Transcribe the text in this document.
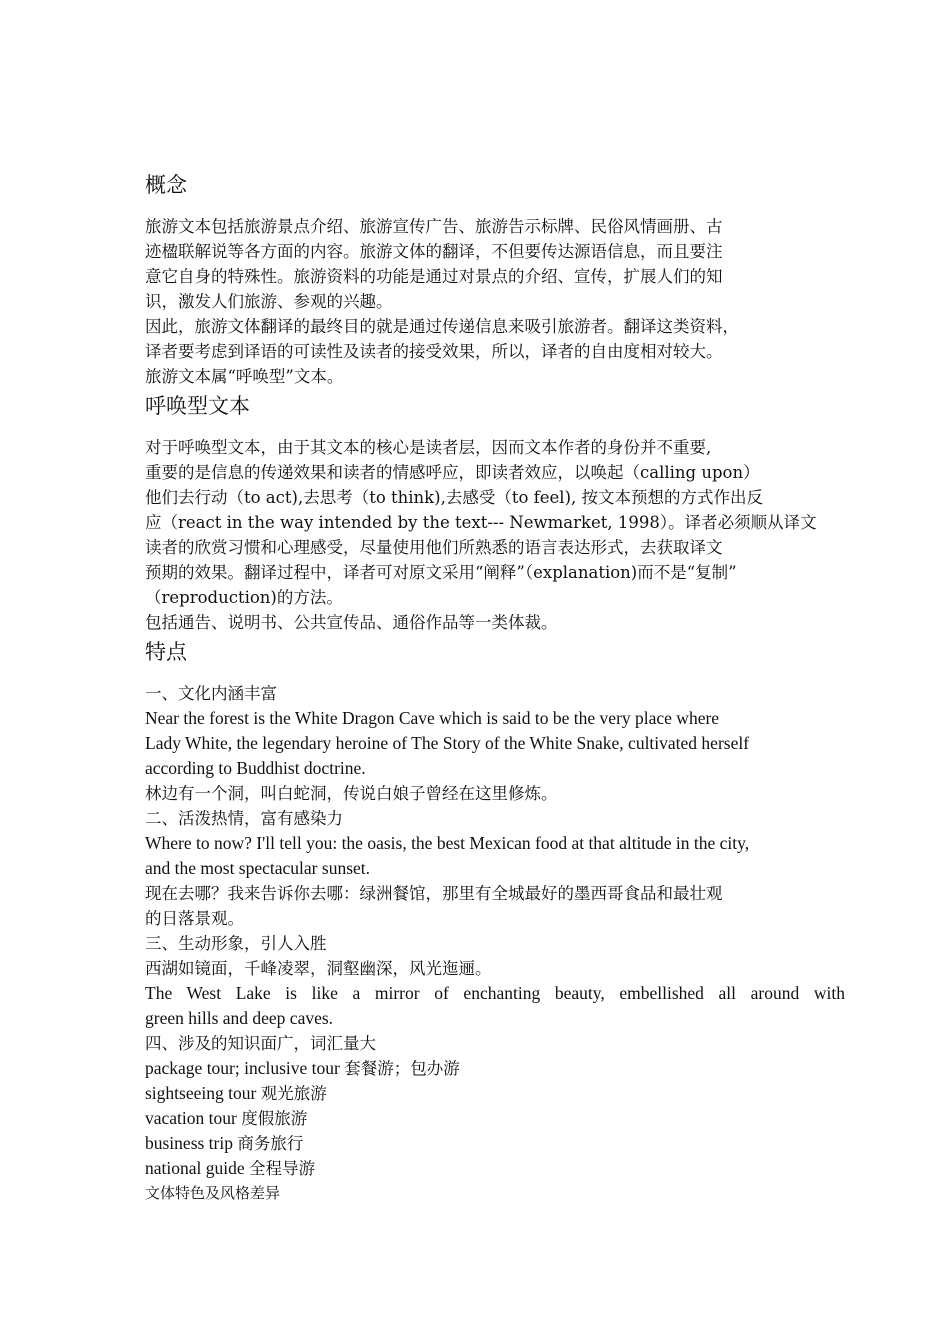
概念

旅游文本包括旅游景点介绍、旅游宣传广告、旅游告示标牌、民俗风情画册、古

迹楹联解说等各方面的内容。旅游文体的翻译，不但要传达源语信息，而且要注

意它自身的特殊性。旅游资料的功能是通过对景点的介绍、宣传，扩展人们的知

识，激发人们旅游、参观的兴趣。

因此，旅游文体翻译的最终目的就是通过传递信息来吸引旅游者。翻译这类资料，

译者要考虑到译语的可读性及读者的接受效果，所以，译者的自由度相对较大。

旅游文本属“呼唤型”文本。

呼唤型文本

对于呼唤型文本，由于其文本的核心是读者层，因而文本作者的身份并不重要,

重要的是信息的传递效果和读者的情感呼应，即读者效应，以唤起（calling upon）

他们去行动（to act),去思考（to think),去感受（to feel), 按文本预想的方式作出反

应（react in the way intended by the text--- Newmarket, 1998）。译者必须顺从译文

读者的欣赏习惯和心理感受，尽量使用他们所熟悉的语言表达形式，去获取译文

预期的效果。翻译过程中，译者可对原文采用“阐释”（explanation)而不是“复制”

（reproduction)的方法。

包括通告、说明书、公共宣传品、通俗作品等一类体裁。

特点

一、文化内涵丰富

Near the forest is the White Dragon Cave which is said to be the very place where

Lady White, the legendary heroine of The Story of the White Snake, cultivated herself

according to Buddhist doctrine.

林边有一个洞，叫白蛇洞，传说白娘子曾经在这里修炼。

二、活泼热情，富有感染力

Where to now? I'll tell you: the oasis, the best Mexican food at that altitude in the city,

and the most spectacular sunset.

现在去哪？我来告诉你去哪：绿洲餐馆，那里有全城最好的墨西哥食品和最壮观

的日落景观。

三、生动形象，引人入胜

西湖如镜面，千峰凌翠，洞壑幽深，风光迤逦。

The West Lake is like a mirror of enchanting beauty, embellished all around with

green hills and deep caves.

四、涉及的知识面广，词汇量大

package tour; inclusive tour 套餐游；包办游

sightseeing tour 观光旅游

vacation tour 度假旅游

business trip 商务旅行

national guide 全程导游

文体特色及风格差异
